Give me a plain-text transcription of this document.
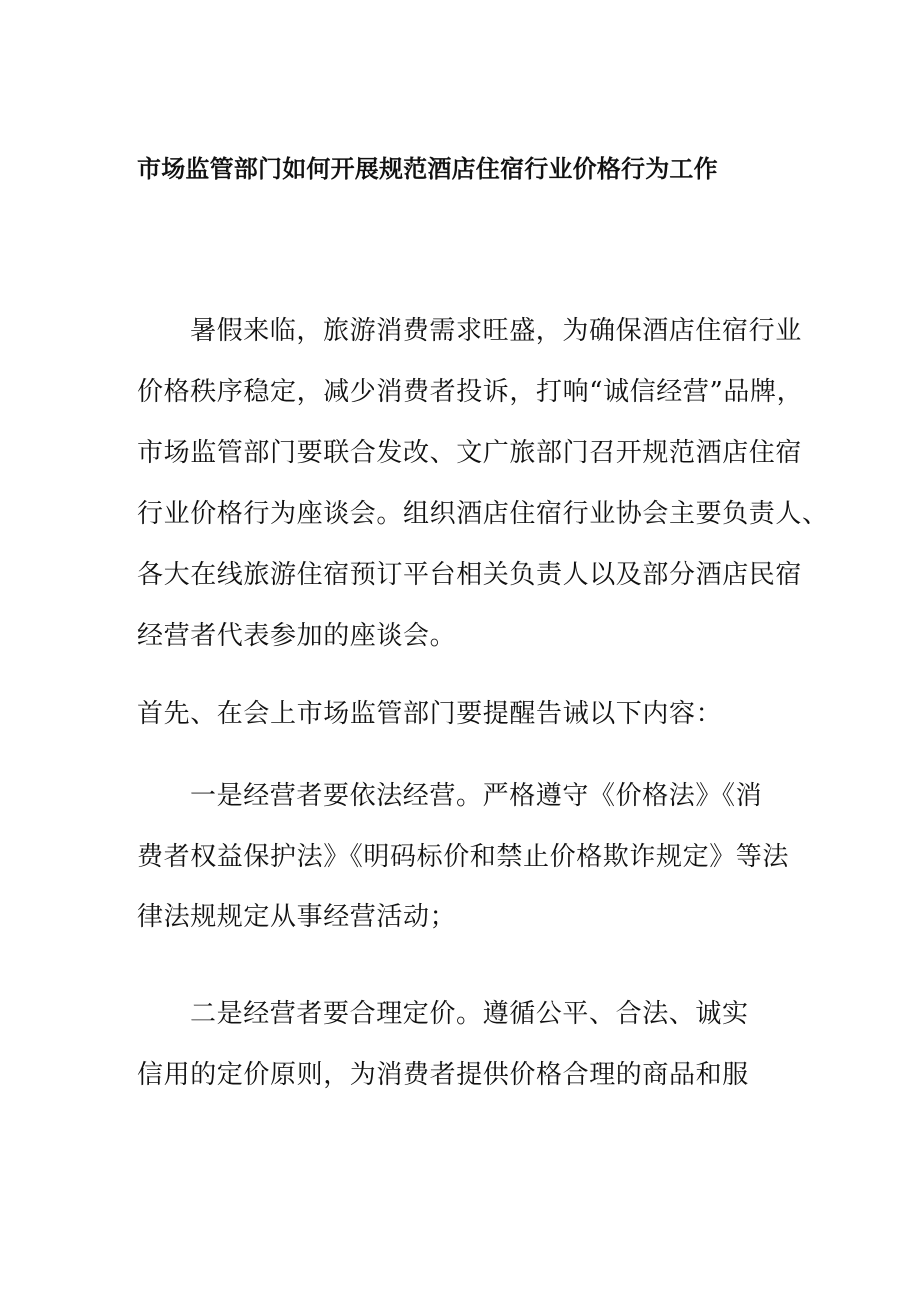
市场监管部门如何开展规范酒店住宿行业价格行为工作

暑假来临，旅游消费需求旺盛，为确保酒店住宿行业

价格秩序稳定，减少消费者投诉，打响“诚信经营”品牌，

市场监管部门要联合发改、文广旅部门召开规范酒店住宿

行业价格行为座谈会。组织酒店住宿行业协会主要负责人、

各大在线旅游住宿预订平台相关负责人以及部分酒店民宿

经营者代表参加的座谈会。

首先、在会上市场监管部门要提醒告诫以下内容：

一是经营者要依法经营。严格遵守《价格法》《消

费者权益保护法》《明码标价和禁止价格欺诈规定》等法

律法规规定从事经营活动；

二是经营者要合理定价。遵循公平、合法、诚实

信用的定价原则，为消费者提供价格合理的商品和服
